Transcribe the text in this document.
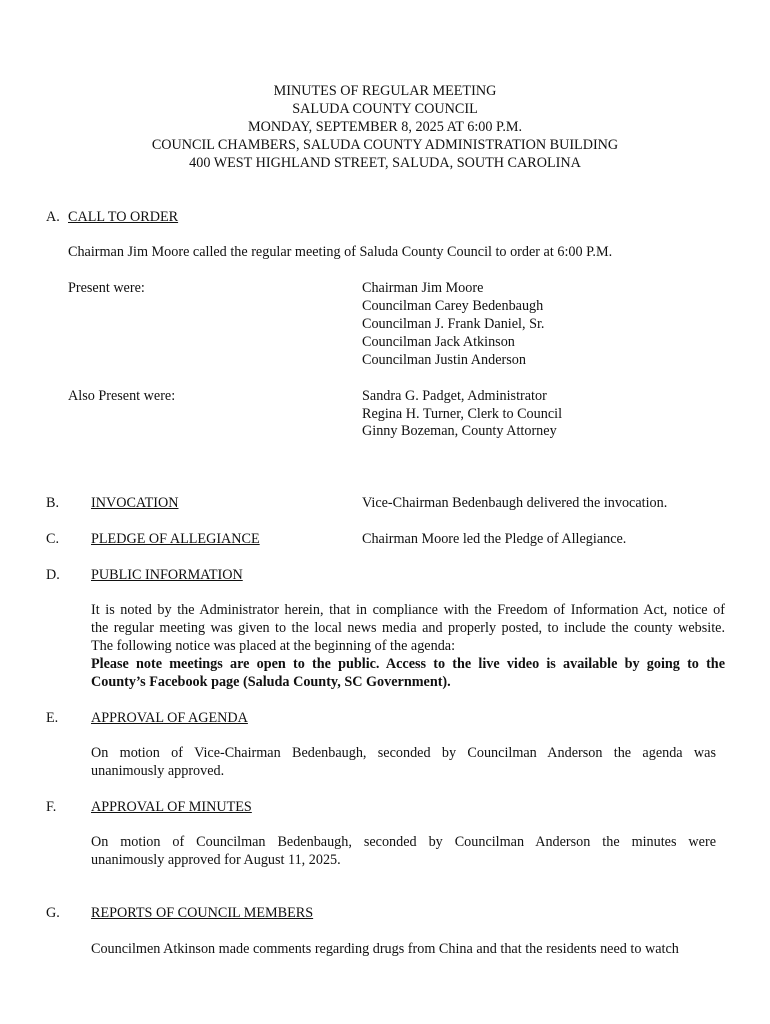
MINUTES OF REGULAR MEETING
SALUDA COUNTY COUNCIL
MONDAY, SEPTEMBER 8, 2025 AT 6:00 P.M.
COUNCIL CHAMBERS, SALUDA COUNTY ADMINISTRATION BUILDING
400 WEST HIGHLAND STREET, SALUDA, SOUTH CAROLINA
A. CALL TO ORDER
Chairman Jim Moore called the regular meeting of Saluda County Council to order at 6:00 P.M.
Present were:	Chairman Jim Moore
Councilman Carey Bedenbaugh
Councilman J. Frank Daniel, Sr.
Councilman Jack Atkinson
Councilman Justin Anderson
Also Present were:	Sandra G. Padget, Administrator
Regina H. Turner, Clerk to Council
Ginny Bozeman, County Attorney
B. INVOCATION	Vice-Chairman Bedenbaugh delivered the invocation.
C. PLEDGE OF ALLEGIANCE	Chairman Moore led the Pledge of Allegiance.
D. PUBLIC INFORMATION
It is noted by the Administrator herein, that in compliance with the Freedom of Information Act, notice of
the regular meeting was given to the local news media and properly posted, to include the county website.
The following notice was placed at the beginning of the agenda:
Please note meetings are open to the public. Access to the live video is available by going to the
County’s Facebook page (Saluda County, SC Government).
E. APPROVAL OF AGENDA
On motion of Vice-Chairman Bedenbaugh, seconded by Councilman Anderson the agenda was
unanimously approved.
F. APPROVAL OF MINUTES
On motion of Councilman Bedenbaugh, seconded by Councilman Anderson the minutes were
unanimously approved for August 11, 2025.
G. REPORTS OF COUNCIL MEMBERS
Councilmen Atkinson made comments regarding drugs from China and that the residents need to watch
